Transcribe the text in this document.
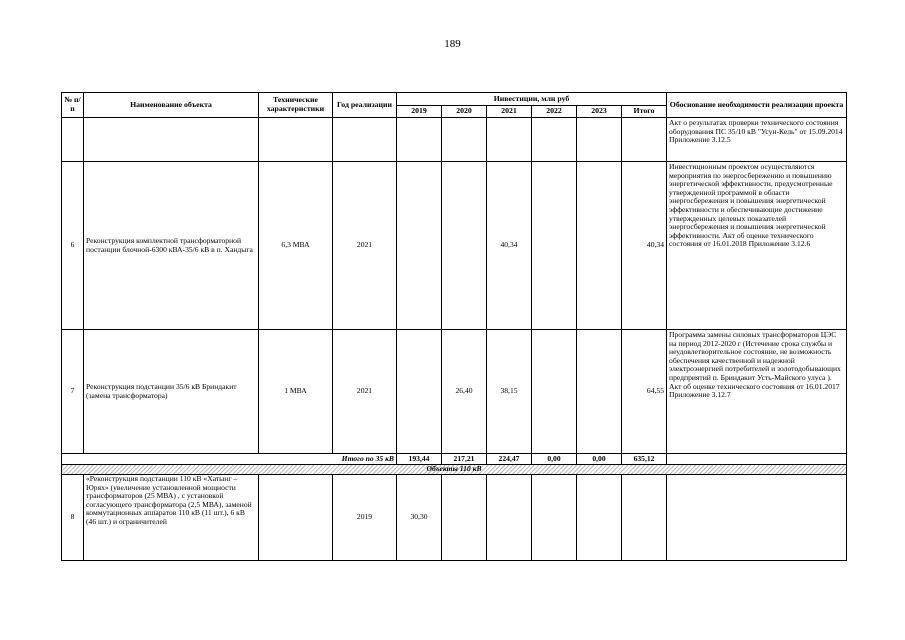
189
№ п/п	Наименование объекта	Технические характеристики	Год реализации	Инвестиции, млн руб						Обоснование необходимости реализации проекта
				2019	2020	2021	2022	2023	Итого	
										Акт о результатах проверки технического состояния оборудования ПС 35/10 кВ "Усун-Кель" от 15.09.2014 Приложение 3.12.5
6	Реконструкция комплектной трансформаторной постанции блочной-6300 кВА-35/6 кВ в п. Хандыга	6,3 МВА	2021			40,34			40,34	Инвестиционным проектом осуществляются мероприятия по энергосбережению и повышению энергетической эффективности, предусмотренные утвержденной программой в области энергосбережения и повышения энергетической эффективности и обеспечивающие достижение утвержденных целевых показателей энергосбережения и повышения энергетической эффективности. Акт об оценке технического состояния от 16.01.2018 Приложение 3.12.6
7	Реконструкция подстанции 35/6 кВ Бриндакит (замена трансформатора)	1 МВА	2021		26,40	38,15			64,55	Программа замены силовых трансформаторов ЦЭС на период 2012-2020 г (Истечение срока службы и неудовлетворительное состояние, не возможность обеспечения качественной и надежной электроэнергией потребителей и золотодобывающих предприятий п. Бриндакит Усть-Майского улуса ). Акт об оценке технического состояния от 16.01.2017 Приложение 3.12.7
Итого по 35 кВ				193,44	217,21	224,47	0,00	0,00	635,12	
Объекты 110 кВ										
8	«Реконструкция подстанции 110 кВ «Хатынг – Юрях» (увеличение установленной мощности трансформаторов (25 МВА) , с установкой согласующего трансформатора (2,5 МВА), заменой коммутационных аппаратов 110 кВ (11 шт.), 6 кВ (46 шт.) и ограничителей		2019	30,30						
